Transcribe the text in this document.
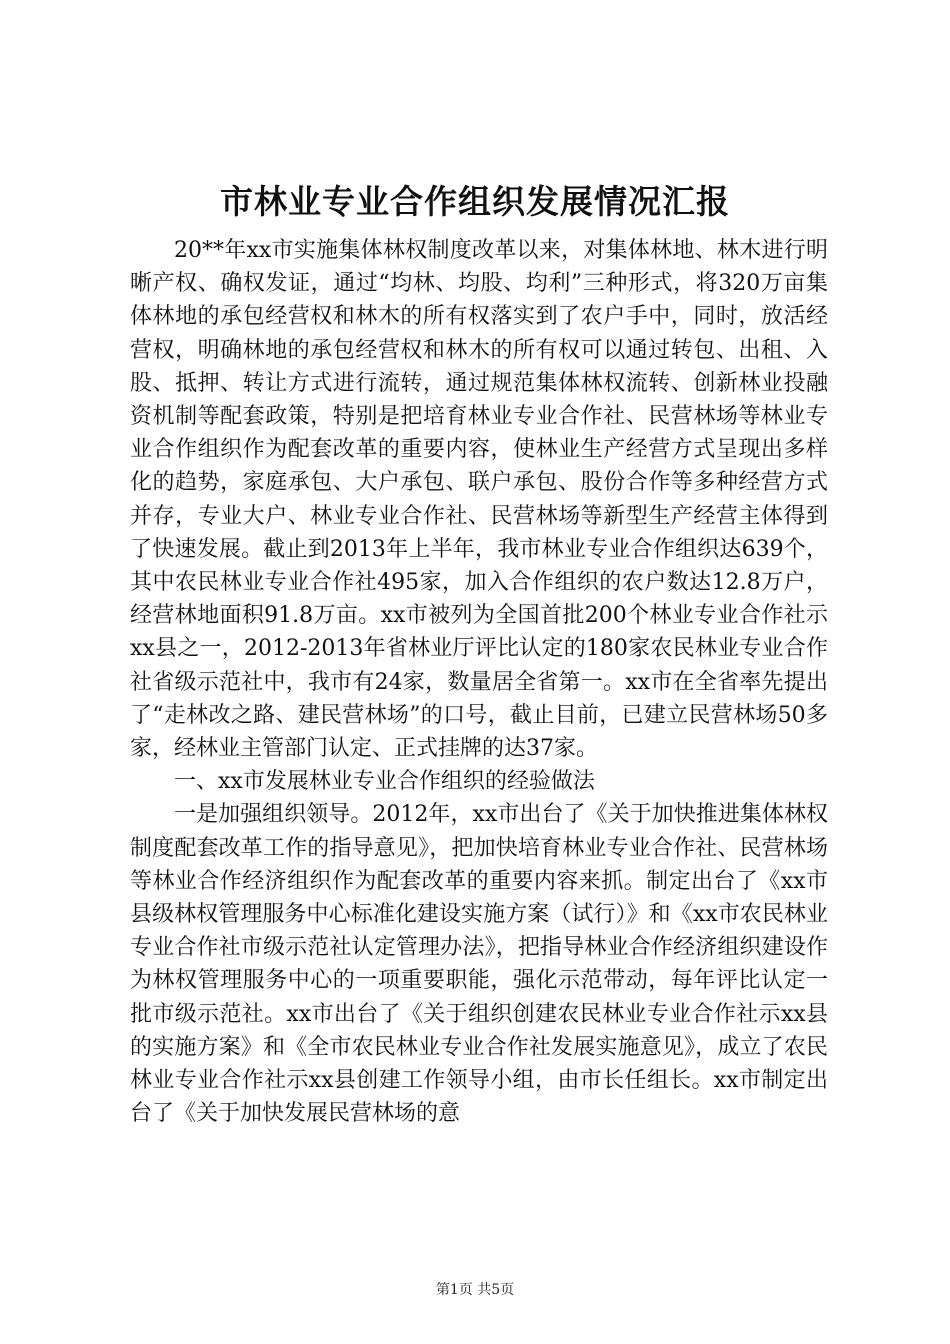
市林业专业合作组织发展情况汇报

20**年xx市实施集体林权制度改革以来，对集体林地、林木进行明晰产权、确权发证，通过“均林、均股、均利”三种形式，将320万亩集体林地的承包经营权和林木的所有权落实到了农户手中，同时，放活经营权，明确林地的承包经营权和林木的所有权可以通过转包、出租、入股、抵押、转让方式进行流转，通过规范集体林权流转、创新林业投融资机制等配套政策，特别是把培育林业专业合作社、民营林场等林业专业合作组织作为配套改革的重要内容，使林业生产经营方式呈现出多样化的趋势，家庭承包、大户承包、联户承包、股份合作等多种经营方式并存，专业大户、林业专业合作社、民营林场等新型生产经营主体得到了快速发展。截止到2013年上半年，我市林业专业合作组织达639个，其中农民林业专业合作社495家，加入合作组织的农户数达12.8万户，经营林地面积91.8万亩。xx市被列为全国首批200个林业专业合作社示xx县之一，2012-2013年省林业厅评比认定的180家农民林业专业合作社省级示范社中，我市有24家，数量居全省第一。xx市在全省率先提出了“走林改之路、建民营林场”的口号，截止目前，已建立民营林场50多家，经林业主管部门认定、正式挂牌的达37家。

一、xx市发展林业专业合作组织的经验做法

一是加强组织领导。2012年，xx市出台了《关于加快推进集体林权制度配套改革工作的指导意见》，把加快培育林业专业合作社、民营林场等林业合作经济组织作为配套改革的重要内容来抓。制定出台了《xx市县级林权管理服务中心标准化建设实施方案（试行）》和《xx市农民林业专业合作社市级示范社认定管理办法》，把指导林业合作经济组织建设作为林权管理服务中心的一项重要职能，强化示范带动，每年评比认定一批市级示范社。xx市出台了《关于组织创建农民林业专业合作社示xx县的实施方案》和《全市农民林业专业合作社发展实施意见》，成立了农民林业专业合作社示xx县创建工作领导小组，由市长任组长。xx市制定出台了《关于加快发展民营林场的意

第1页 共5页
